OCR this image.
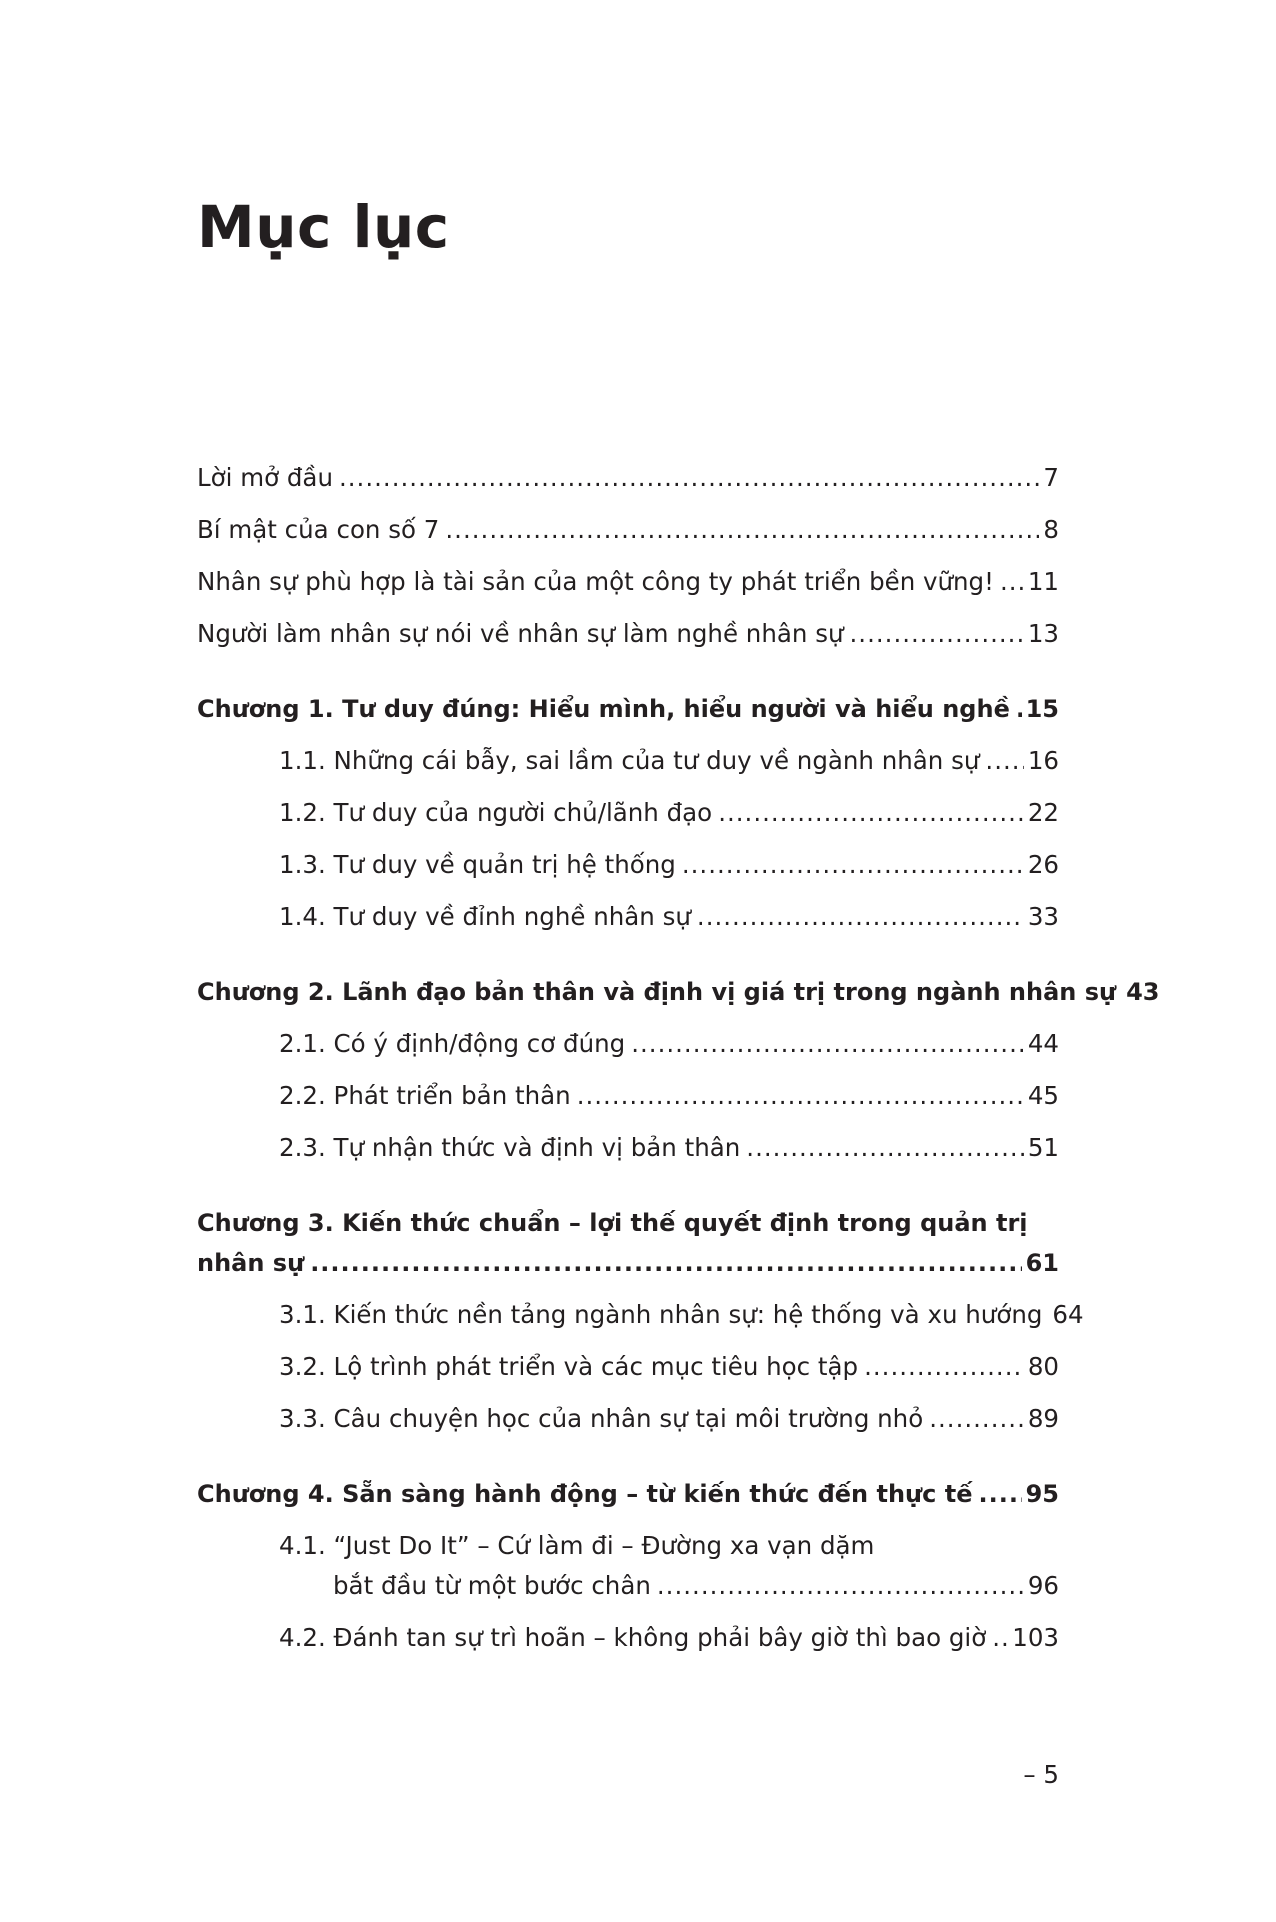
Mục lục
Lời mở đầu .....	7
Bí mật của con số 7 .....	8
Nhân sự phù hợp là tài sản của một công ty phát triển bền vững! ..... 11
Người làm nhân sự nói về nhân sự làm nghề nhân sự .....	13
Chương 1. Tư duy đúng: Hiểu mình, hiểu người và hiểu nghề ..... 15
1.1. Những cái bẫy, sai lầm của tư duy về ngành nhân sự ..... 16
1.2. Tư duy của người chủ/lãnh đạo .....	22
1.3. Tư duy về quản trị hệ thống .....	26
1.4. Tư duy về đỉnh nghề nhân sự .....	33
Chương 2. Lãnh đạo bản thân và định vị giá trị trong ngành nhân sự 43
2.1. Có ý định/động cơ đúng .....	44
2.2. Phát triển bản thân .....	45
2.3. Tự nhận thức và định vị bản thân .....	51
Chương 3. Kiến thức chuẩn – lợi thế quyết định trong quản trị
nhân sự .....	61
3.1. Kiến thức nền tảng ngành nhân sự: hệ thống và xu hướng 64
3.2. Lộ trình phát triển và các mục tiêu học tập .....	80
3.3. Câu chuyện học của nhân sự tại môi trường nhỏ .....	89
Chương 4. Sẵn sàng hành động – từ kiến thức đến thực tế ..... 95
4.1. “Just Do It” – Cứ làm đi – Đường xa vạn dặm
bắt đầu từ một bước chân .....	96
4.2. Đánh tan sự trì hoãn – không phải bây giờ thì bao giờ ..... 103
– 5
